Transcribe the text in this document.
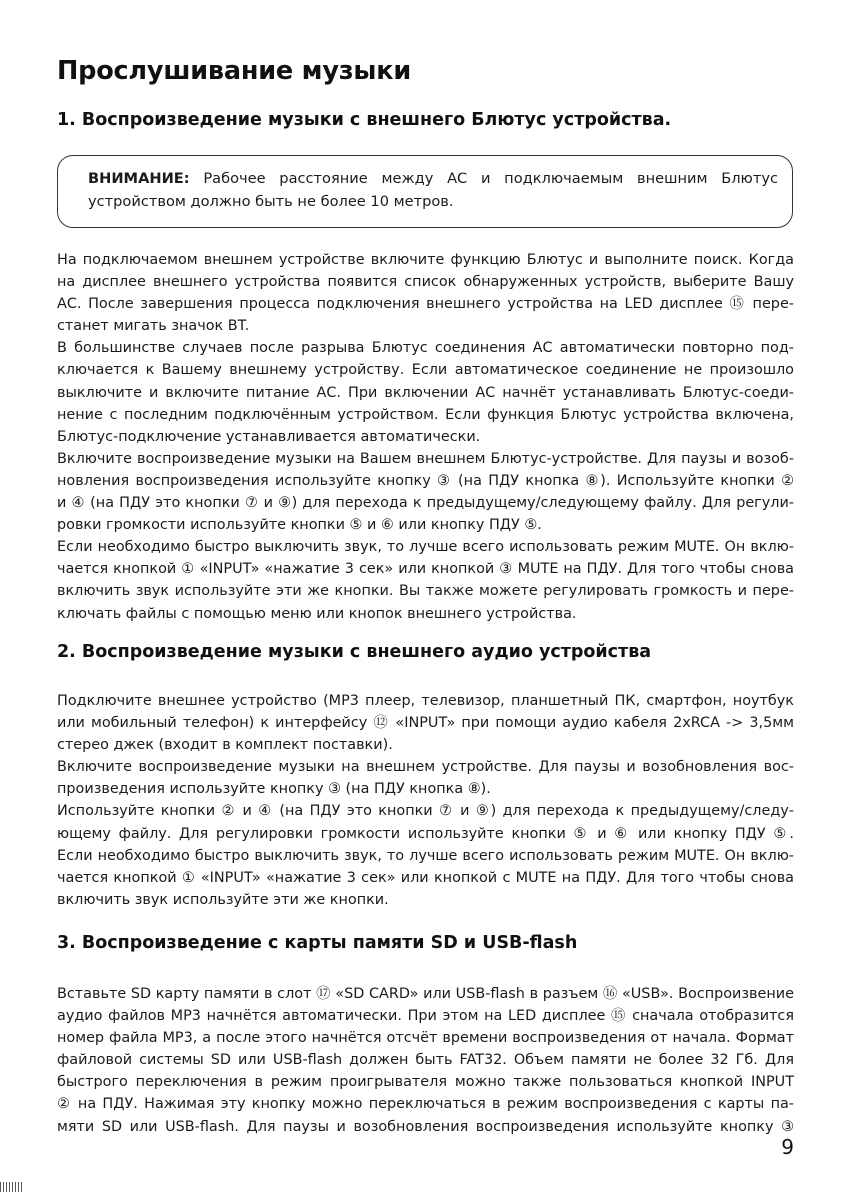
Прослушивание музыки
1. Воспроизведение музыки с внешнего Блютус устройства.
ВНИМАНИЕ: Рабочее расстояние между АС и подключаемым внешним Блютус устройством должно быть не более 10 метров.
На подключаемом внешнем устройстве включите функцию Блютус и выполните поиск. Когда
на дисплее внешнего устройства появится список обнаруженных устройств, выберите Вашу
АС. После завершения процесса подключения внешнего устройства на LED дисплее ⑮ пере-
станет мигать значок BT.
В большинстве случаев после разрыва Блютус соединения АС автоматически повторно под-
ключается к Вашему внешнему устройству. Если автоматическое соединение не произошло
выключите и включите питание АС. При включении АС начнёт устанавливать Блютус-соеди-
нение с последним подключённым устройством. Если функция Блютус устройства включена,
Блютус-подключение устанавливается автоматически.
Включите воспроизведение музыки на Вашем внешнем Блютус-устройстве. Для паузы и возоб-
новления воспроизведения используйте кнопку ③ (на ПДУ кнопка ⑧). Используйте кнопки ②
и ④ (на ПДУ это кнопки ⑦ и ⑨) для перехода к предыдущему/следующему файлу. Для регули-
ровки громкости используйте кнопки ⑤ и ⑥ или кнопку ПДУ ⑤.
Если необходимо быстро выключить звук, то лучше всего использовать режим MUTE. Он вклю-
чается кнопкой ① «INPUT» «нажатие 3 сек» или кнопкой ③ MUTE на ПДУ. Для того чтобы снова
включить звук используйте эти же кнопки. Вы также можете регулировать громкость и пере-
ключать файлы с помощью меню или кнопок внешнего устройства.
2. Воспроизведение музыки с внешнего аудио устройства
Подключите внешнее устройство (MP3 плеер, телевизор, планшетный ПК, смартфон, ноутбук
или мобильный телефон) к интерфейсу ⑫ «INPUT» при помощи аудио кабеля 2хRCA -> 3,5мм
стерео джек (входит в комплект поставки).
Включите воспроизведение музыки на внешнем устройстве. Для паузы и возобновления вос-
произведения используйте кнопку ③ (на ПДУ кнопка ⑧).
Используйте кнопки ② и ④ (на ПДУ это кнопки ⑦ и ⑨) для перехода к предыдущему/следу-
ющему файлу. Для регулировки громкости используйте кнопки ⑤ и ⑥ или кнопку ПДУ ⑤.
Если необходимо быстро выключить звук, то лучше всего использовать режим MUTE. Он вклю-
чается кнопкой ① «INPUT» «нажатие 3 сек» или кнопкой с MUTE на ПДУ. Для того чтобы снова
включить звук используйте эти же кнопки.
3. Воспроизведение с карты памяти SD и USB-flash
Вставьте SD карту памяти в слот ⑰ «SD CARD» или USB-flash в разъем ⑯ «USB». Воспроизвение
аудио файлов MP3 начнётся автоматически. При этом на LED дисплее ⑮ сначала отобразится
номер файла MP3, а после этого начнётся отсчёт времени воспроизведения от начала. Формат
файловой системы SD или USB-flash должен быть FAT32. Объем памяти не более 32 Гб. Для
быстрого переключения в режим проигрывателя можно также пользоваться кнопкой INPUT
② на ПДУ. Нажимая эту кнопку можно переключаться в режим воспроизведения с карты па-
мяти SD или USB-flash. Для паузы и возобновления воспроизведения используйте кнопку ③
9
